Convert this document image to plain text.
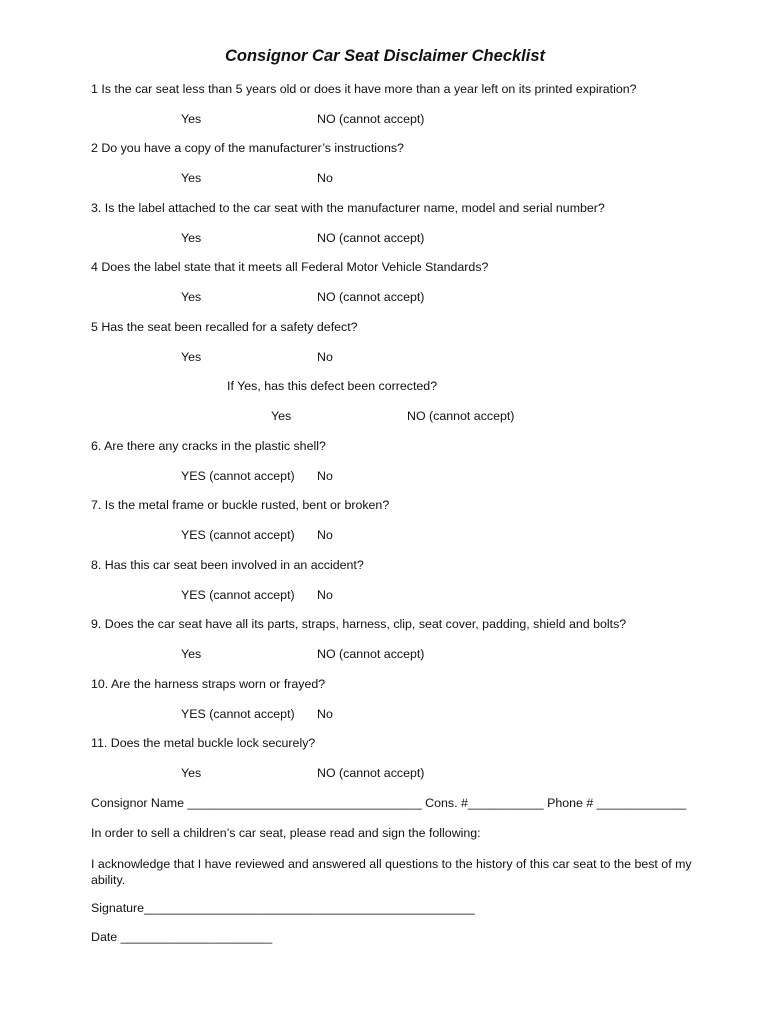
Consignor Car Seat Disclaimer Checklist
1 Is the car seat less than 5 years old or does it have more than a year left on its printed expiration?
Yes	NO (cannot accept)
2 Do you have a copy of the manufacturer’s instructions?
Yes	No
3. Is the label attached to the car seat with the manufacturer name, model and serial number?
Yes	NO (cannot accept)
4 Does the label state that it meets all Federal Motor Vehicle Standards?
Yes	NO (cannot accept)
5 Has the seat been recalled for a safety defect?
Yes	No
If Yes, has this defect been corrected?
Yes	NO (cannot accept)
6. Are there any cracks in the plastic shell?
YES (cannot accept) No
7. Is the metal frame or buckle rusted, bent or broken?
YES (cannot accept) No
8. Has this car seat been involved in an accident?
YES (cannot accept) No
9. Does the car seat have all its parts, straps, harness, clip, seat cover, padding, shield and bolts?
Yes	NO (cannot accept)
10. Are the harness straps worn or frayed?
YES (cannot accept) No
11. Does the metal buckle lock securely?
Yes	NO (cannot accept)
Consignor Name __________________________________ Cons. #___________ Phone # _____________
In order to sell a children’s car seat, please read and sign the following:
I acknowledge that I have reviewed and answered all questions to the history of this car seat to the best of my ability.
Signature________________________________________________
Date ______________________
